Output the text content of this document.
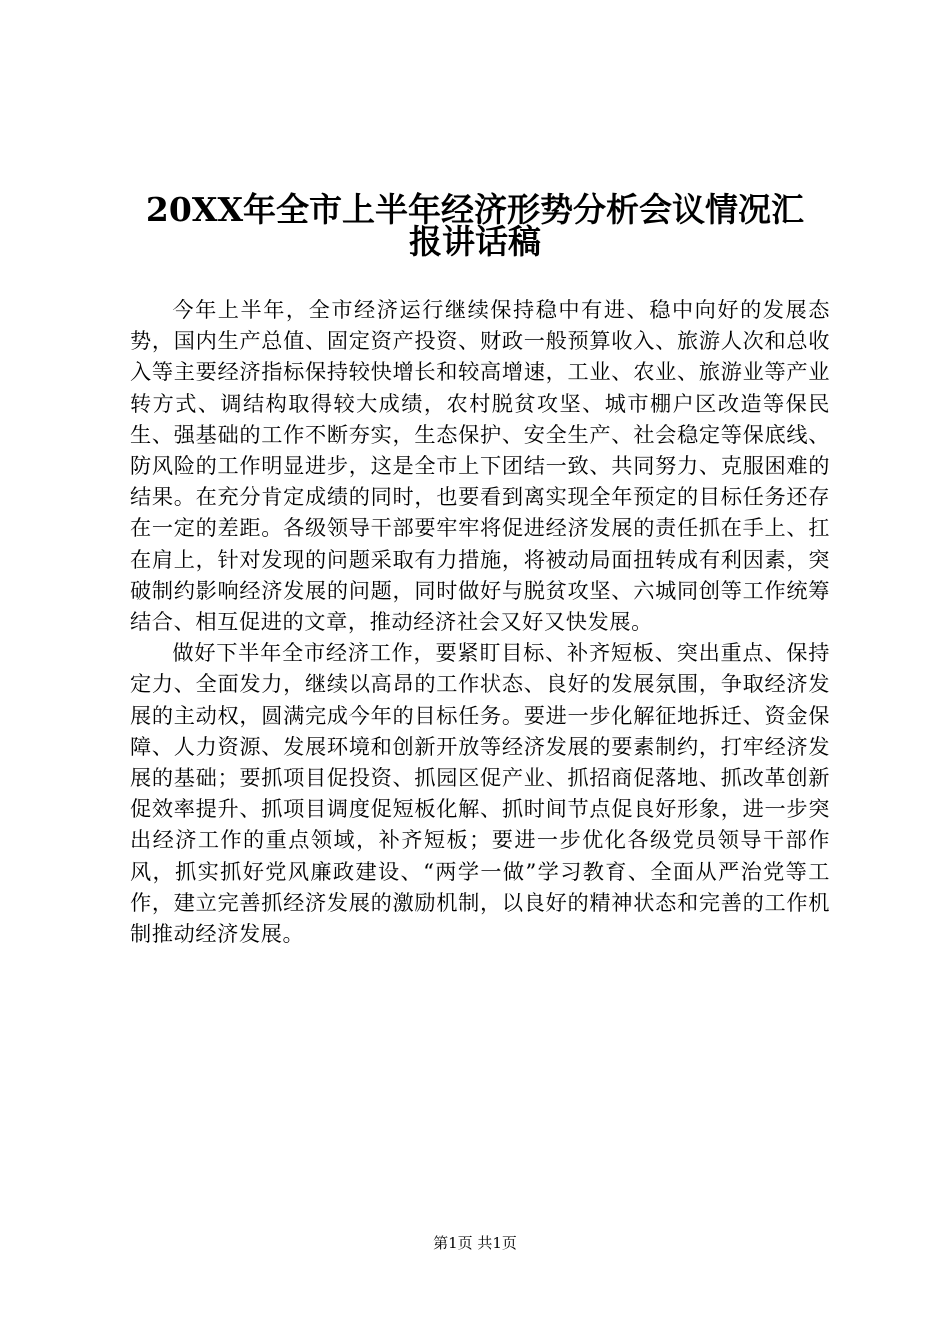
20XX年全市上半年经济形势分析会议情况汇
报讲话稿

今年上半年，全市经济运行继续保持稳中有进、稳中向好的发展态势，国内生产总值、固定资产投资、财政一般预算收入、旅游人次和总收入等主要经济指标保持较快增长和较高增速，工业、农业、旅游业等产业转方式、调结构取得较大成绩，农村脱贫攻坚、城市棚户区改造等保民生、强基础的工作不断夯实，生态保护、安全生产、社会稳定等保底线、防风险的工作明显进步，这是全市上下团结一致、共同努力、克服困难的结果。在充分肯定成绩的同时，也要看到离实现全年预定的目标任务还存在一定的差距。各级领导干部要牢牢将促进经济发展的责任抓在手上、扛在肩上，针对发现的问题采取有力措施，将被动局面扭转成有利因素，突破制约影响经济发展的问题，同时做好与脱贫攻坚、六城同创等工作统筹结合、相互促进的文章，推动经济社会又好又快发展。

做好下半年全市经济工作，要紧盯目标、补齐短板、突出重点、保持定力、全面发力，继续以高昂的工作状态、良好的发展氛围，争取经济发展的主动权，圆满完成今年的目标任务。要进一步化解征地拆迁、资金保障、人力资源、发展环境和创新开放等经济发展的要素制约，打牢经济发展的基础；要抓项目促投资、抓园区促产业、抓招商促落地、抓改革创新促效率提升、抓项目调度促短板化解、抓时间节点促良好形象，进一步突出经济工作的重点领域，补齐短板；要进一步优化各级党员领导干部作风，抓实抓好党风廉政建设、“两学一做”学习教育、全面从严治党等工作，建立完善抓经济发展的激励机制，以良好的精神状态和完善的工作机制推动经济发展。

第1页 共1页
